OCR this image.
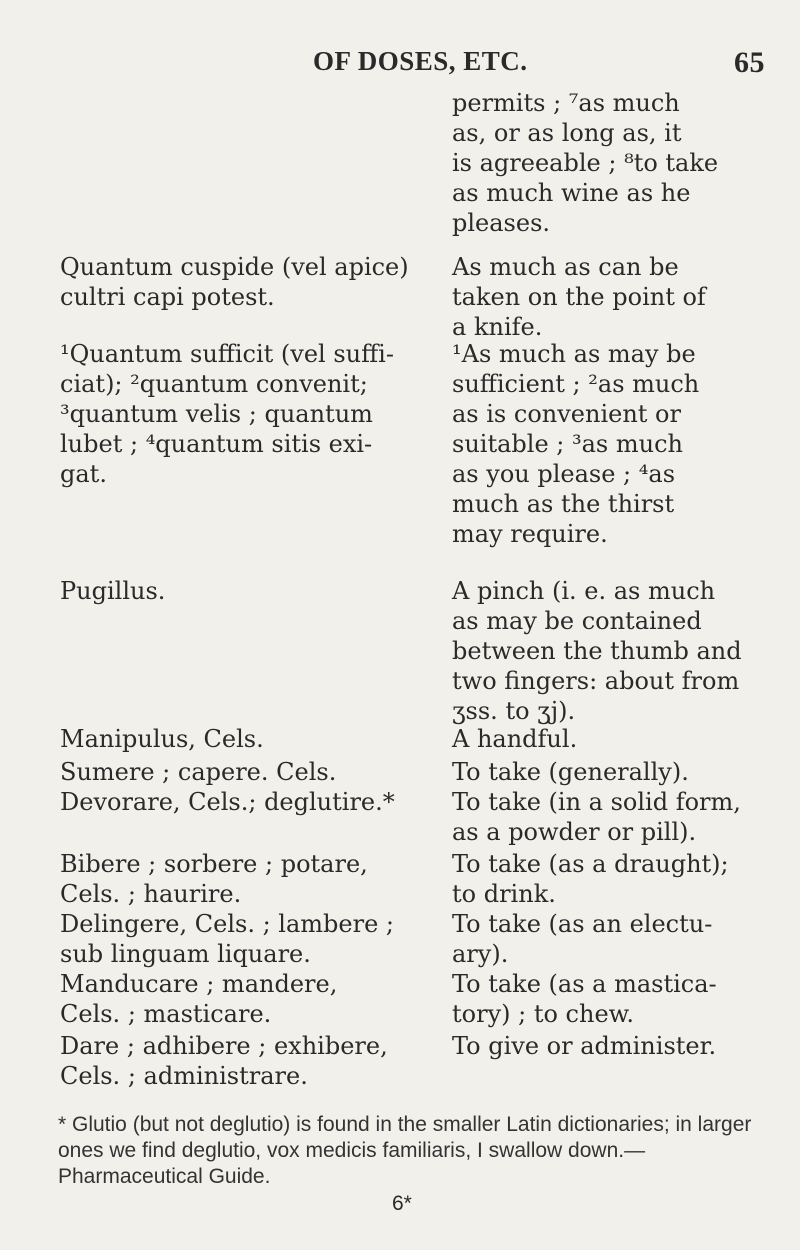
OF DOSES, ETC.	65
Quantum cuspide (vel apice)
cultri capi potest.
¹Quantum sufficit (vel suffi-
ciat); ²quantum convenit;
³quantum velis ; quantum
lubet ; ⁴quantum sitis exi-
gat.
Pugillus.
Manipulus, Cels.
Sumere ; capere. Cels.
Devorare, Cels.; deglutire.*
Bibere ; sorbere ; potare,
Cels. ; haurire.
Delingere, Cels. ; lambere ;
sub linguam liquare.
Manducare ; mandere,
Cels. ; masticare.
Dare ; adhibere ; exhibere,
Cels. ; administrare.
permits ; ⁷as much
as, or as long as, it
is agreeable ; ⁸to take
as much wine as he
pleases.
As much as can be
taken on the point of
a knife.
¹As much as may be
sufficient ; ²as much
as is convenient or
suitable ; ³as much
as you please ; ⁴as
much as the thirst
may require.
A pinch (i. e. as much
as may be contained
between the thumb and
two fingers: about from
ʒss. to ʒj).
A handful.
To take (generally).
To take (in a solid form,
as a powder or pill).
To take (as a draught);
to drink.
To take (as an electu-
ary).
To take (as a mastica-
tory) ; to chew.
To give or administer.
* Glutio (but not deglutio) is found in the smaller Latin dictionaries; in larger ones we find deglutio, vox medicis familiaris, I swallow down.—Pharmaceutical Guide.
6*
